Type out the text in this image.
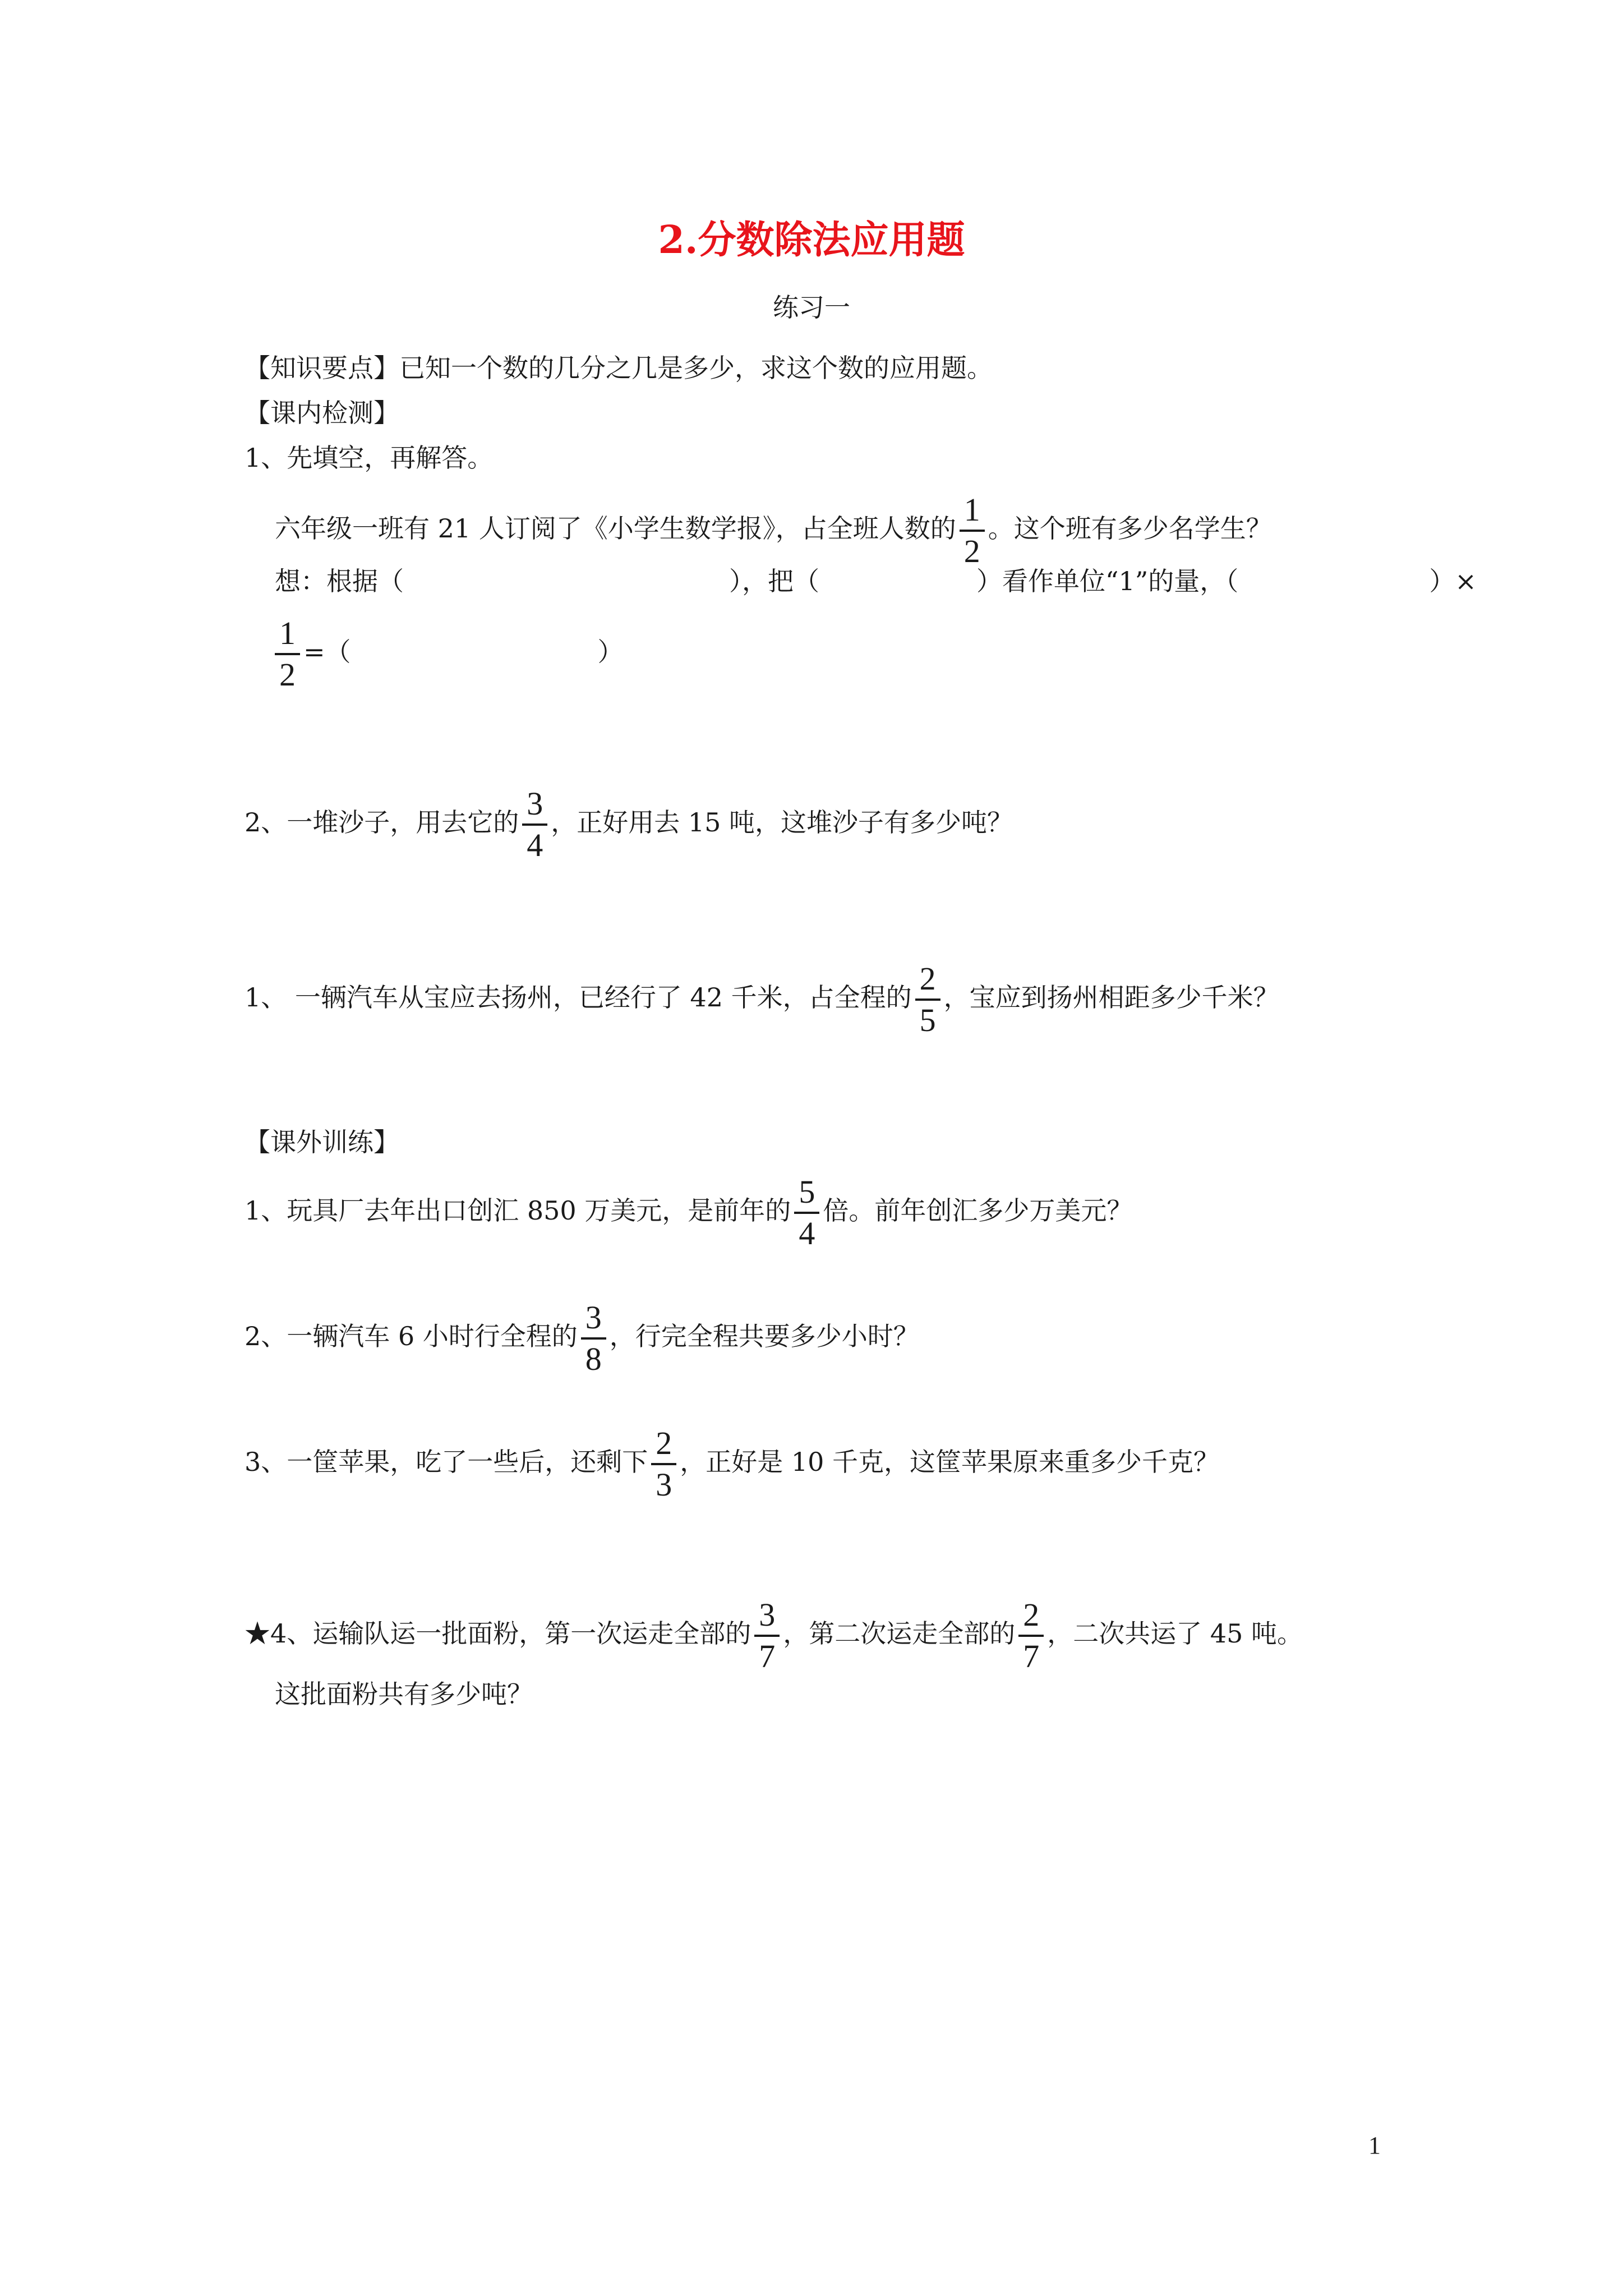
2.分数除法应用题
练习一
【知识要点】已知一个数的几分之几是多少，求这个数的应用题。
【课内检测】
1、先填空，再解答。
六年级一班有 21 人订阅了《小学生数学报》，占全班人数的 $\frac{1}{2}$ 。这个班有多少名学生？
想：根据（	），把（	）看作单位“1”的量，（	）×
$\frac{1}{2}$ =（	）
2、一堆沙子，用去它的 $\frac{3}{4}$ ，正好用去 15 吨，这堆沙子有多少吨？
1、 一辆汽车从宝应去扬州，已经行了 42 千米，占全程的 $\frac{2}{5}$ ，宝应到扬州相距多少千米？
【课外训练】
1、玩具厂去年出口创汇 850 万美元，是前年的 $\frac{5}{4}$ 倍。前年创汇多少万美元？
2、一辆汽车 6 小时行全程的 $\frac{3}{8}$ ，行完全程共要多少小时？
3、一筐苹果，吃了一些后，还剩下 $\frac{2}{3}$ ，正好是 10 千克，这筐苹果原来重多少千克？
★4、运输队运一批面粉，第一次运走全部的 $\frac{3}{7}$ ，第二次运走全部的 $\frac{2}{7}$ ，二次共运了 45 吨。
这批面粉共有多少吨？
1
